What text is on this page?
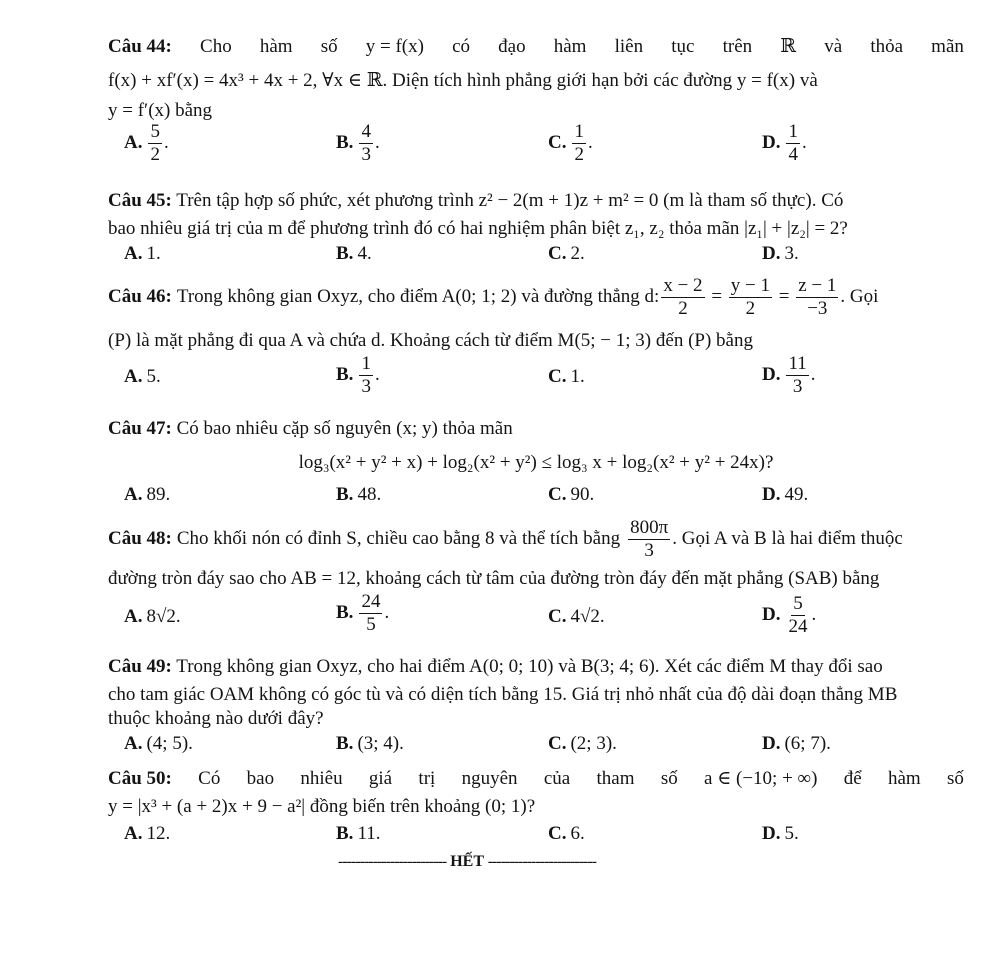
Câu 44: Cho hàm số y = f(x) có đạo hàm liên tục trên ℝ và thỏa mãn
f(x) + xf′(x) = 4x³ + 4x + 2, ∀x ∈ ℝ. Diện tích hình phẳng giới hạn bởi các đường y = f(x) và
y = f′(x) bằng
A. $\frac{5}{2}$ .	B. $\frac{4}{3}$ .	C. $\frac{1}{2}$ .	D. $\frac{1}{4}$ .
Câu 45: Trên tập hợp số phức, xét phương trình z² − 2(m + 1)z + m² = 0 (m là tham số thực). Có
bao nhiêu giá trị của m để phương trình đó có hai nghiệm phân biệt z₁, z₂ thỏa mãn |z₁| + |z₂| = 2?
A. 1.	B. 4.	C. 2.	D. 3.
Câu 46: Trong không gian Oxyz, cho điểm A(0; 1; 2) và đường thẳng d: $\frac{x - 2}{2} = \frac{y - 1}{2} = \frac{z - 1}{-3}$ . Gọi
(P) là mặt phẳng đi qua A và chứa d. Khoảng cách từ điểm M(5; − 1; 3) đến (P) bằng
A. 5.	B. $\frac{1}{3}$ .	C. 1.	D. $\frac{11}{3}$ .
Câu 47: Có bao nhiêu cặp số nguyên (x; y) thỏa mãn
log₃(x² + y² + x) + log₂(x² + y²) ≤ log₃ x + log₂(x² + y² + 24x)?
A. 89.	B. 48.	C. 90.	D. 49.
Câu 48: Cho khối nón có đỉnh S, chiều cao bằng 8 và thể tích bằng $\frac{800\pi}{3}$ . Gọi A và B là hai điểm thuộc
đường tròn đáy sao cho AB = 12, khoảng cách từ tâm của đường tròn đáy đến mặt phẳng (SAB) bằng
A. 8√2.	B. $\frac{24}{5}$ .	C. 4√2.	D. $\frac{5}{24}$ .
Câu 49: Trong không gian Oxyz, cho hai điểm A(0; 0; 10) và B(3; 4; 6). Xét các điểm M thay đổi sao
cho tam giác OAM không có góc tù và có diện tích bằng 15. Giá trị nhỏ nhất của độ dài đoạn thẳng MB
thuộc khoảng nào dưới đây?
A. (4; 5).	B. (3; 4).	C. (2; 3).	D. (6; 7).
Câu 50: Có bao nhiêu giá trị nguyên của tham số a ∈ (−10; + ∞) để hàm số
y = |x³ + (a + 2)x + 9 − a²| đồng biến trên khoảng (0; 1)?
A. 12.	B. 11.	C. 6.	D. 5.
------------------------- HẾT -------------------------
